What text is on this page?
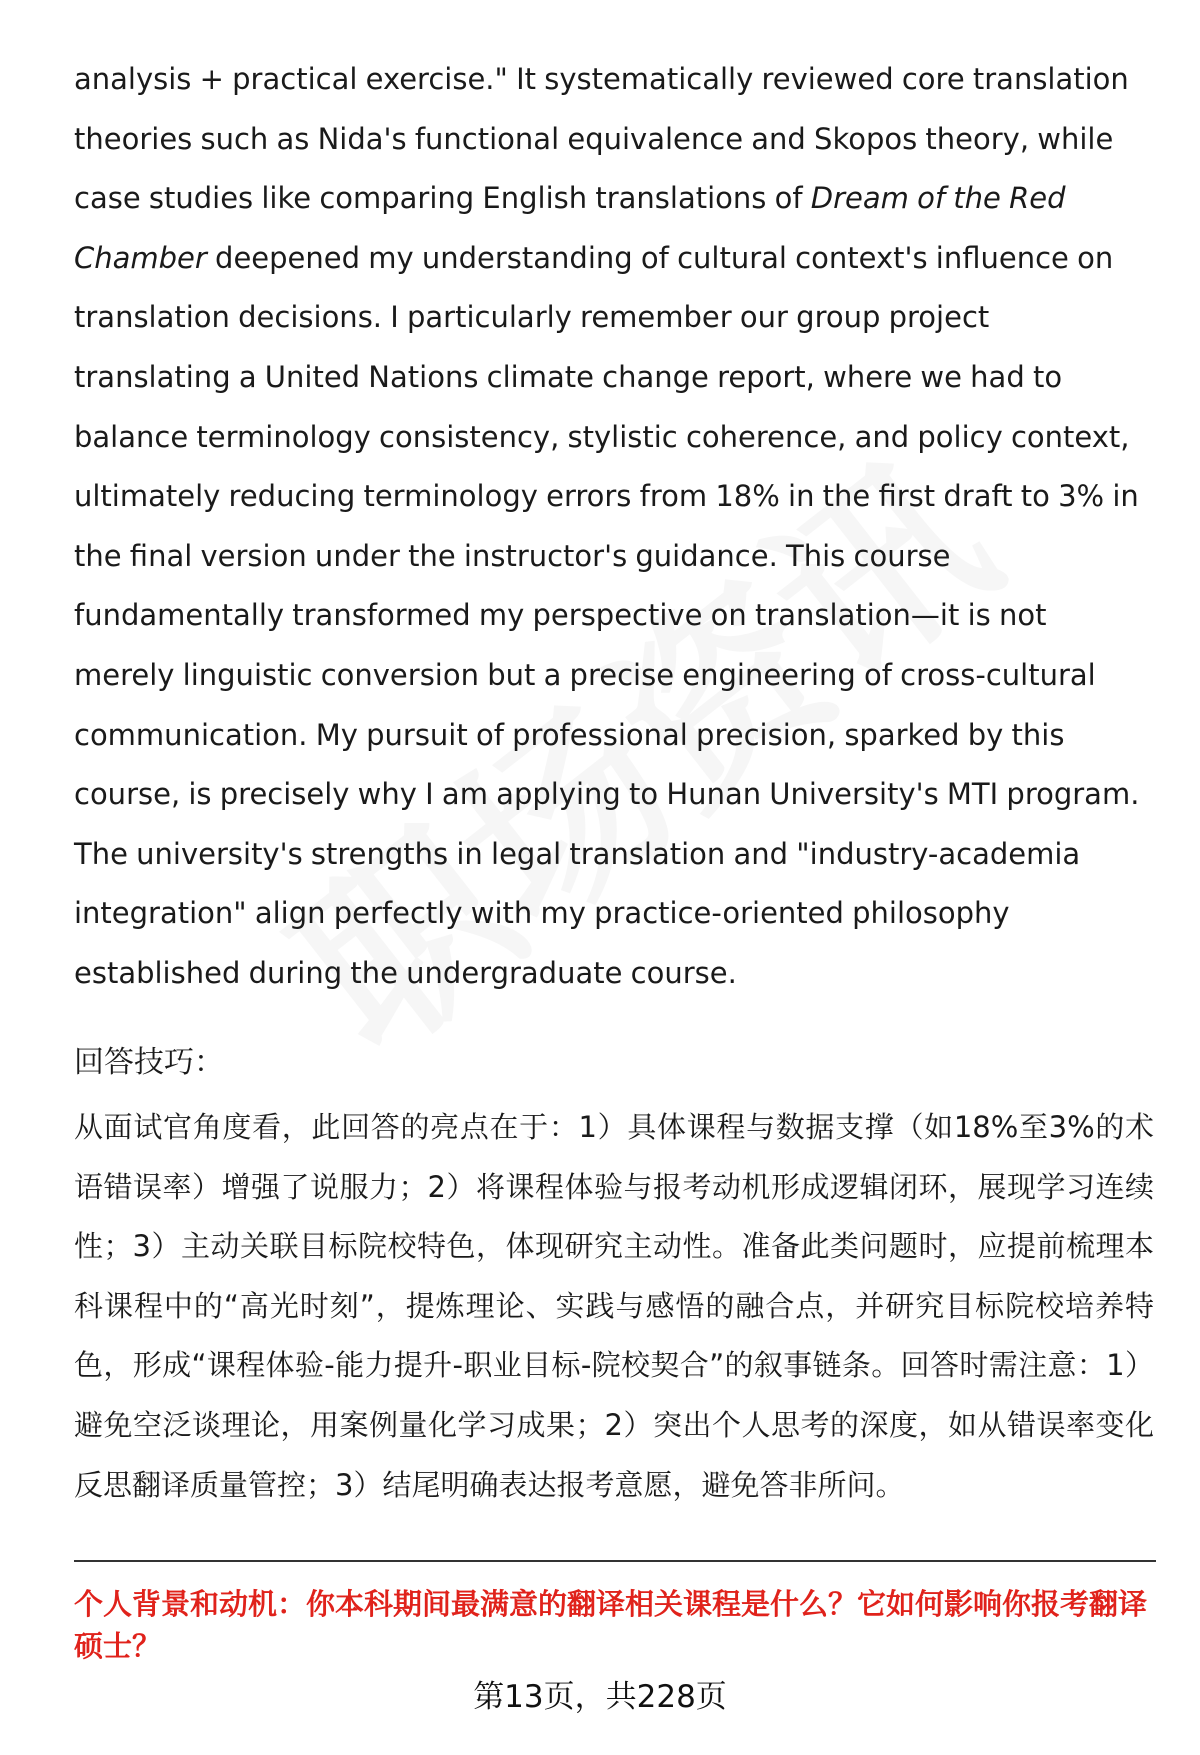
analysis + practical exercise." It systematically reviewed core translation theories such as Nida's functional equivalence and Skopos theory, while case studies like comparing English translations of Dream of the Red Chamber deepened my understanding of cultural context's influence on translation decisions. I particularly remember our group project translating a United Nations climate change report, where we had to balance terminology consistency, stylistic coherence, and policy context, ultimately reducing terminology errors from 18% in the first draft to 3% in the final version under the instructor's guidance. This course fundamentally transformed my perspective on translation—it is not merely linguistic conversion but a precise engineering of cross-cultural communication. My pursuit of professional precision, sparked by this course, is precisely why I am applying to Hunan University's MTI program. The university's strengths in legal translation and "industry-academia integration" align perfectly with my practice-oriented philosophy established during the undergraduate course.

回答技巧：

从面试官角度看，此回答的亮点在于：1）具体课程与数据支撑（如18%至3%的术语错误率）增强了说服力；2）将课程体验与报考动机形成逻辑闭环，展现学习连续性；3）主动关联目标院校特色，体现研究主动性。准备此类问题时，应提前梳理本科课程中的“高光时刻”，提炼理论、实践与感悟的融合点，并研究目标院校培养特色，形成“课程体验-能力提升-职业目标-院校契合”的叙事链条。回答时需注意：1）避免空泛谈理论，用案例量化学习成果；2）突出个人思考的深度，如从错误率变化反思翻译质量管控；3）结尾明确表达报考意愿，避免答非所问。

个人背景和动机：你本科期间最满意的翻译相关课程是什么？它如何影响你报考翻译硕士？

第13页，共228页
